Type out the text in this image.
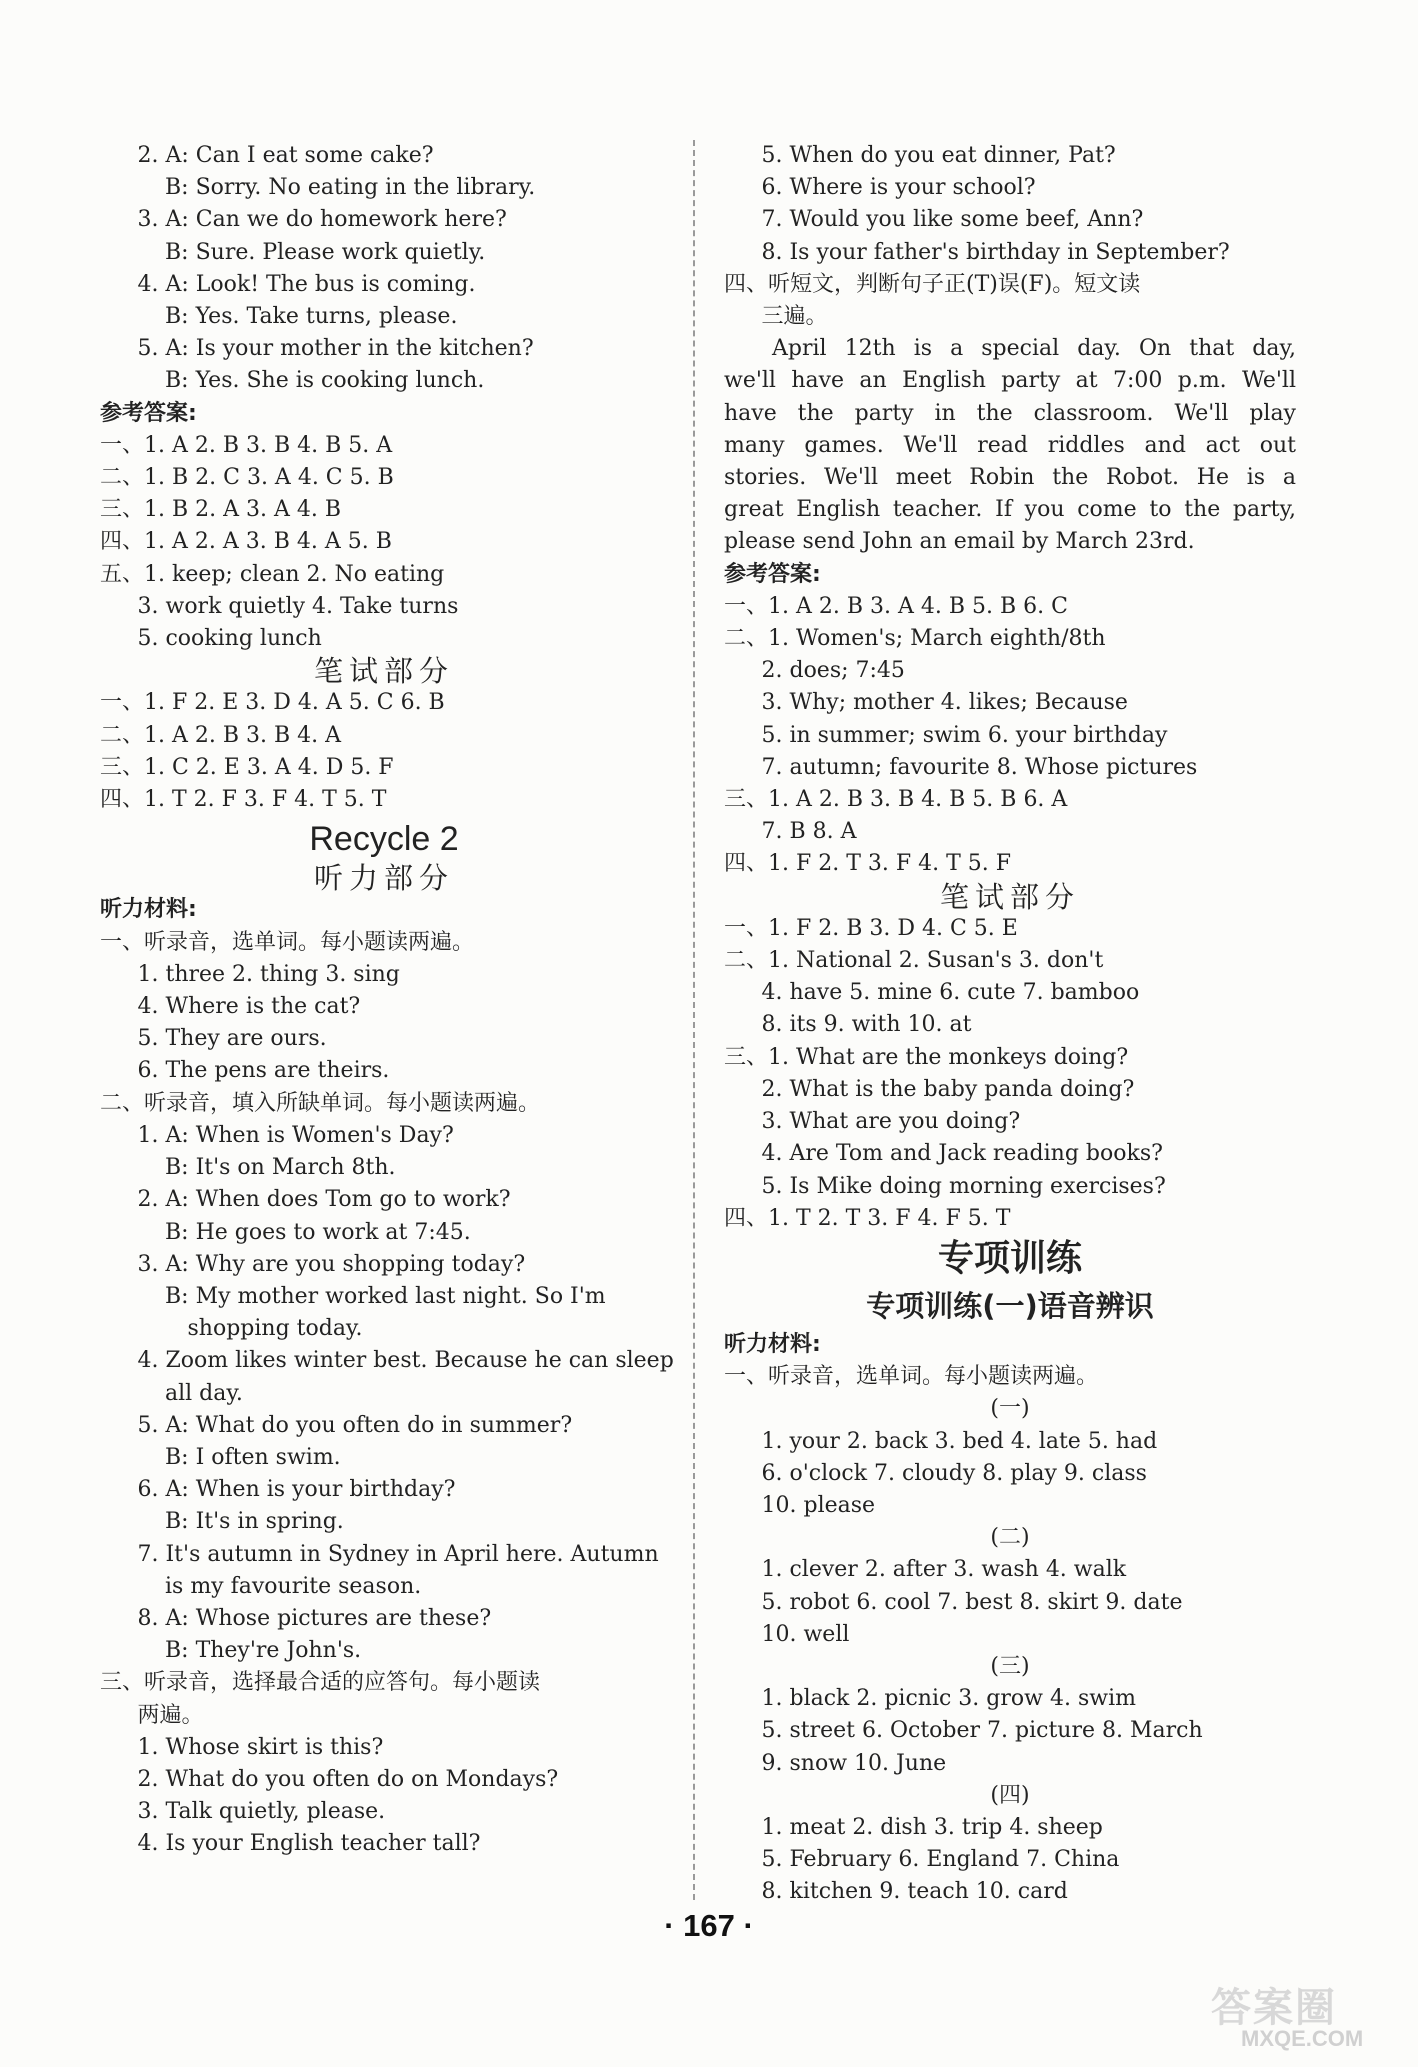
2. A: Can I eat some cake?
B: Sorry. No eating in the library.
3. A: Can we do homework here?
B: Sure. Please work quietly.
4. A: Look! The bus is coming.
B: Yes. Take turns, please.
5. A: Is your mother in the kitchen?
B: Yes. She is cooking lunch.
参考答案:
一、1. A 2. B 3. B 4. B 5. A
二、1. B 2. C 3. A 4. C 5. B
三、1. B 2. A 3. A 4. B
四、1. A 2. A 3. B 4. A 5. B
五、1. keep; clean 2. No eating
3. work quietly 4. Take turns
5. cooking lunch
笔试部分
一、1. F 2. E 3. D 4. A 5. C 6. B
二、1. A 2. B 3. B 4. A
三、1. C 2. E 3. A 4. D 5. F
四、1. T 2. F 3. F 4. T 5. T
Recycle 2
听力部分
听力材料:
一、听录音，选单词。每小题读两遍。
1. three 2. thing 3. sing
4. Where is the cat?
5. They are ours.
6. The pens are theirs.
二、听录音，填入所缺单词。每小题读两遍。
1. A: When is Women's Day?
B: It's on March 8th.
2. A: When does Tom go to work?
B: He goes to work at 7:45.
3. A: Why are you shopping today?
B: My mother worked last night. So I'm
shopping today.
4. Zoom likes winter best. Because he can sleep
all day.
5. A: What do you often do in summer?
B: I often swim.
6. A: When is your birthday?
B: It's in spring.
7. It's autumn in Sydney in April here. Autumn
is my favourite season.
8. A: Whose pictures are these?
B: They're John's.
三、听录音，选择最合适的应答句。每小题读
两遍。
1. Whose skirt is this?
2. What do you often do on Mondays?
3. Talk quietly, please.
4. Is your English teacher tall?
5. When do you eat dinner, Pat?
6. Where is your school?
7. Would you like some beef, Ann?
8. Is your father's birthday in September?
四、听短文，判断句子正(T)误(F)。短文读
三遍。
April 12th is a special day. On that day,
we'll have an English party at 7:00 p.m. We'll
have the party in the classroom. We'll play
many games. We'll read riddles and act out
stories. We'll meet Robin the Robot. He is a
great English teacher. If you come to the party,
please send John an email by March 23rd.
参考答案:
一、1. A 2. B 3. A 4. B 5. B 6. C
二、1. Women's; March eighth/8th
2. does; 7:45
3. Why; mother 4. likes; Because
5. in summer; swim 6. your birthday
7. autumn; favourite 8. Whose pictures
三、1. A 2. B 3. B 4. B 5. B 6. A
7. B 8. A
四、1. F 2. T 3. F 4. T 5. F
笔试部分
一、1. F 2. B 3. D 4. C 5. E
二、1. National 2. Susan's 3. don't
4. have 5. mine 6. cute 7. bamboo
8. its 9. with 10. at
三、1. What are the monkeys doing?
2. What is the baby panda doing?
3. What are you doing?
4. Are Tom and Jack reading books?
5. Is Mike doing morning exercises?
四、1. T 2. T 3. F 4. F 5. T
专项训练
专项训练(一)语音辨识
听力材料:
一、听录音，选单词。每小题读两遍。
(一)
1. your 2. back 3. bed 4. late 5. had
6. o'clock 7. cloudy 8. play 9. class
10. please
(二)
1. clever 2. after 3. wash 4. walk
5. robot 6. cool 7. best 8. skirt 9. date
10. well
(三)
1. black 2. picnic 3. grow 4. swim
5. street 6. October 7. picture 8. March
9. snow 10. June
(四)
1. meat 2. dish 3. trip 4. sheep
5. February 6. England 7. China
8. kitchen 9. teach 10. card
· 167 ·
答案圈
MXQE.COM
